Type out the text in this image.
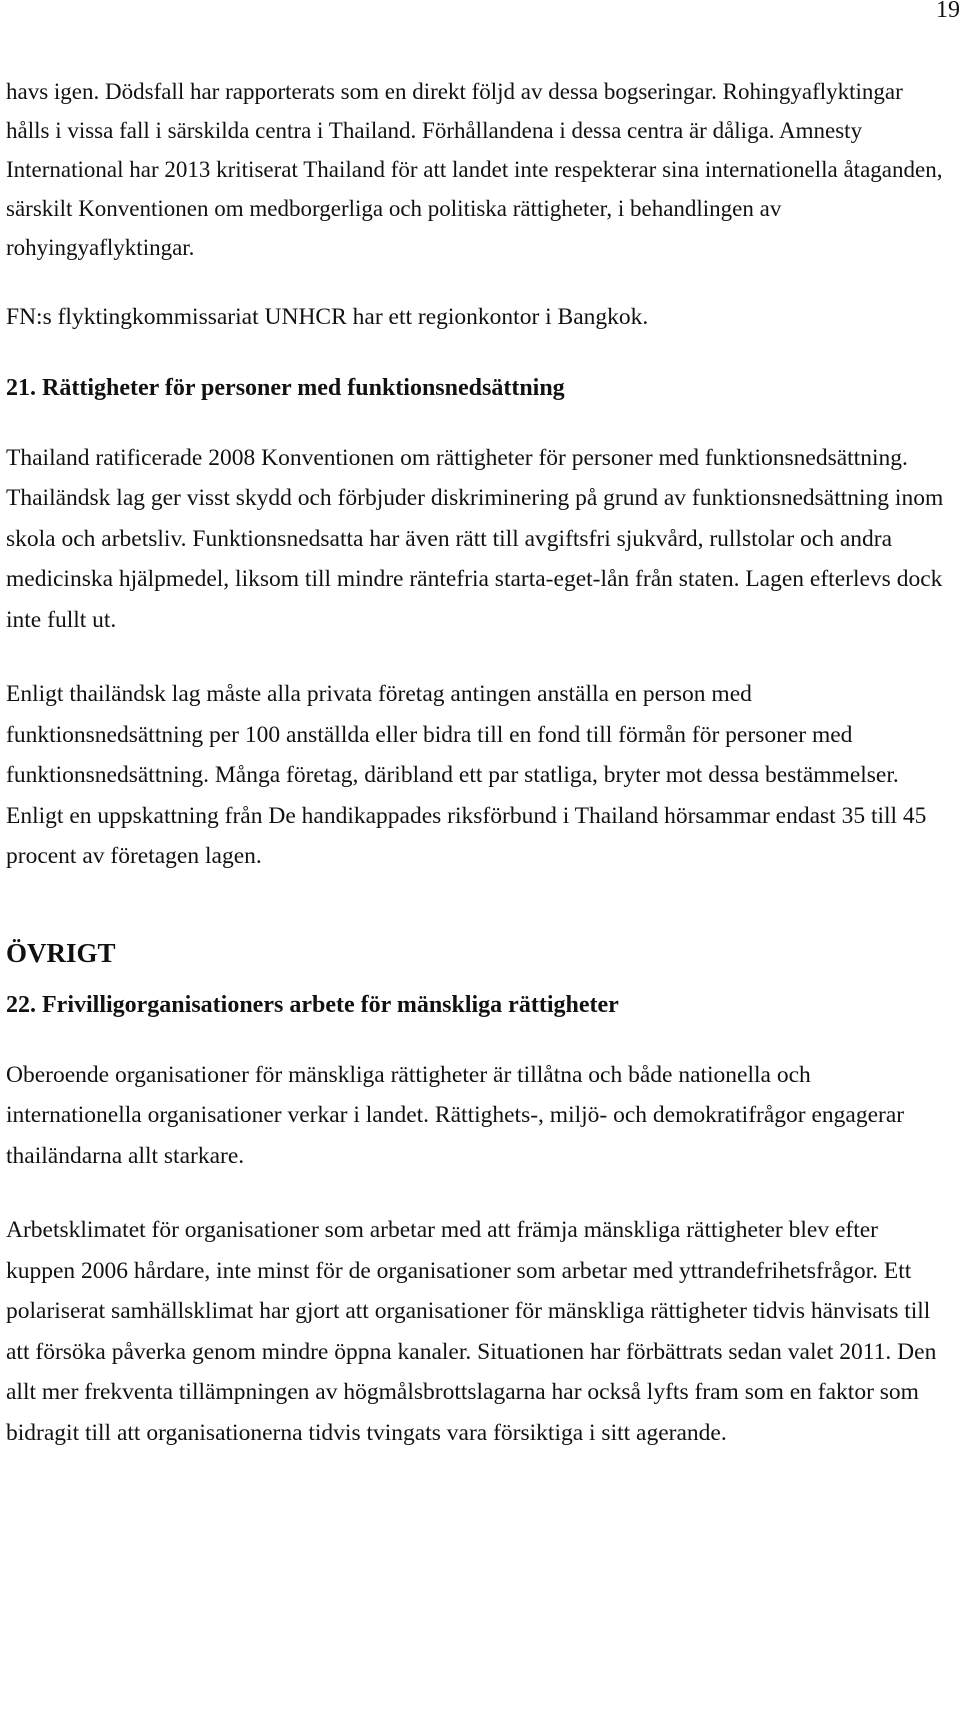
19

havs igen. Dödsfall har rapporterats som en direkt följd av dessa bogseringar. Rohingyaflyktingar hålls i vissa fall i särskilda centra i Thailand. Förhållandena i dessa centra är dåliga. Amnesty International har 2013 kritiserat Thailand för att landet inte respekterar sina internationella åtaganden, särskilt Konventionen om medborgerliga och politiska rättigheter, i behandlingen av rohyingyaflyktingar.

FN:s flyktingkommissariat UNHCR har ett regionkontor i Bangkok.

21. Rättigheter för personer med funktionsnedsättning

Thailand ratificerade 2008 Konventionen om rättigheter för personer med funktionsnedsättning. Thailändsk lag ger visst skydd och förbjuder diskriminering på grund av funktionsnedsättning inom skola och arbetsliv. Funktionsnedsatta har även rätt till avgiftsfri sjukvård, rullstolar och andra medicinska hjälpmedel, liksom till mindre räntefria starta-eget-lån från staten. Lagen efterlevs dock inte fullt ut.

Enligt thailändsk lag måste alla privata företag antingen anställa en person med funktionsnedsättning per 100 anställda eller bidra till en fond till förmån för personer med funktionsnedsättning. Många företag, däribland ett par statliga, bryter mot dessa bestämmelser. Enligt en uppskattning från De handikappades riksförbund i Thailand hörsammar endast 35 till 45 procent av företagen lagen.

ÖVRIGT
22. Frivilligorganisationers arbete för mänskliga rättigheter

Oberoende organisationer för mänskliga rättigheter är tillåtna och både nationella och internationella organisationer verkar i landet. Rättighets-, miljö- och demokratifrågor engagerar thailändarna allt starkare.

Arbetsklimatet för organisationer som arbetar med att främja mänskliga rättigheter blev efter kuppen 2006 hårdare, inte minst för de organisationer som arbetar med yttrandefrihetsfrågor. Ett polariserat samhällsklimat har gjort att organisationer för mänskliga rättigheter tidvis hänvisats till att försöka påverka genom mindre öppna kanaler. Situationen har förbättrats sedan valet 2011. Den allt mer frekventa tillämpningen av högmålsbrottslagarna har också lyfts fram som en faktor som bidragit till att organisationerna tidvis tvingats vara försiktiga i sitt agerande.
